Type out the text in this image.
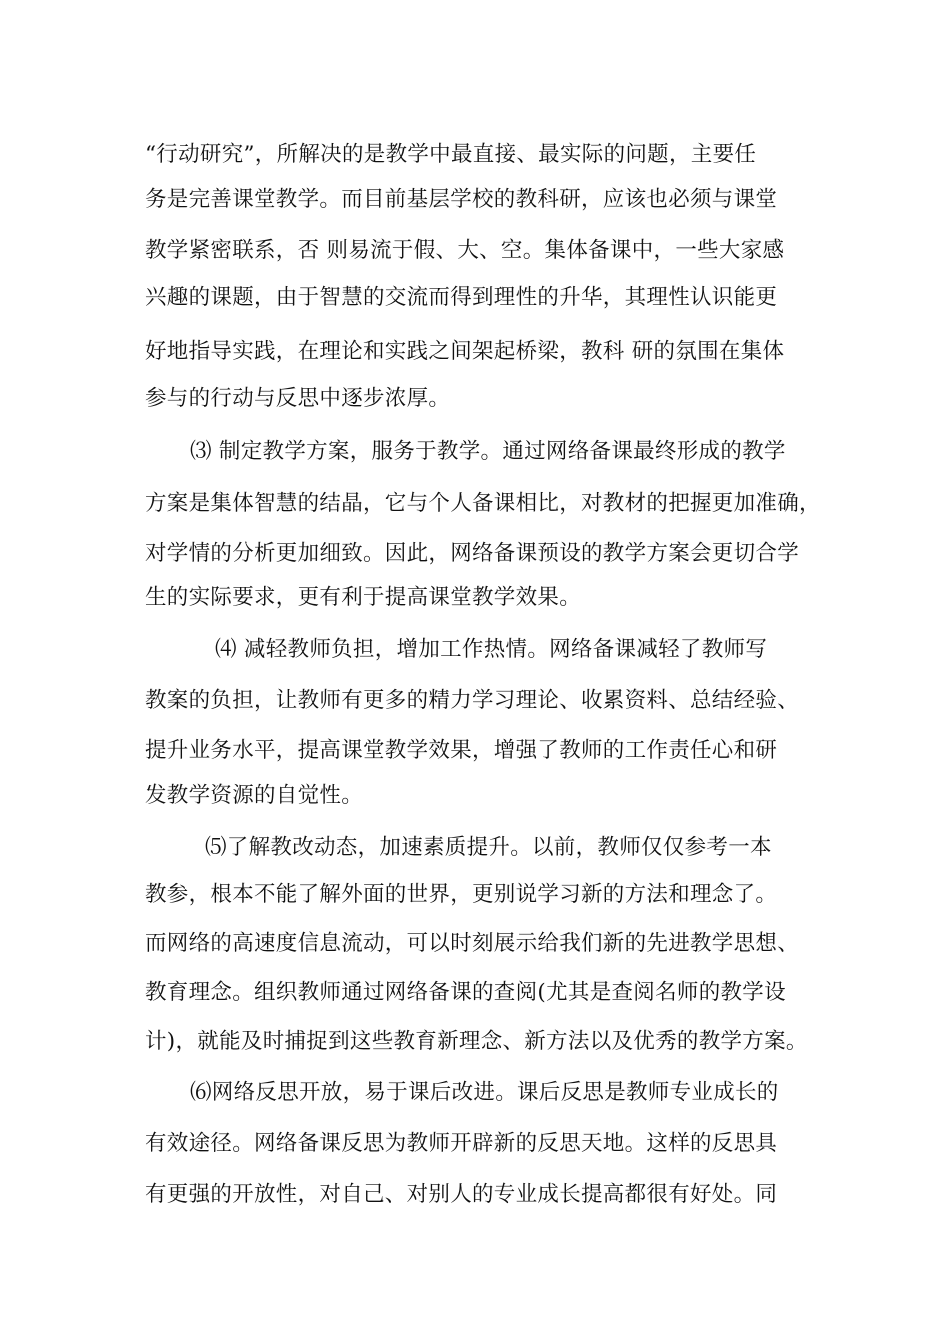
“行动研究”，所解决的是教学中最直接、最实际的问题，主要任
务是完善课堂教学。而目前基层学校的教科研，应该也必须与课堂
教学紧密联系，否 则易流于假、大、空。集体备课中，一些大家感
兴趣的课题，由于智慧的交流而得到理性的升华，其理性认识能更
好地指导实践，在理论和实践之间架起桥梁，教科 研的氛围在集体
参与的行动与反思中逐步浓厚。
⑶ 制定教学方案，服务于教学。通过网络备课最终形成的教学
方案是集体智慧的结晶，它与个人备课相比，对教材的把握更加准确，
对学情的分析更加细致。因此，网络备课预设的教学方案会更切合学
生的实际要求，更有利于提高课堂教学效果。
⑷ 减轻教师负担，增加工作热情。网络备课减轻了教师写
教案的负担，让教师有更多的精力学习理论、收累资料、总结经验、
提升业务水平，提高课堂教学效果，增强了教师的工作责任心和研
发教学资源的自觉性。
⑸了解教改动态，加速素质提升。以前，教师仅仅参考一本
教参，根本不能了解外面的世界，更别说学习新的方法和理念了。
而网络的高速度信息流动，可以时刻展示给我们新的先进教学思想、
教育理念。组织教师通过网络备课的查阅(尤其是查阅名师的教学设
计)，就能及时捕捉到这些教育新理念、新方法以及优秀的教学方案。
⑹网络反思开放，易于课后改进。课后反思是教师专业成长的
有效途径。网络备课反思为教师开辟新的反思天地。这样的反思具
有更强的开放性，对自己、对别人的专业成长提高都很有好处。同
